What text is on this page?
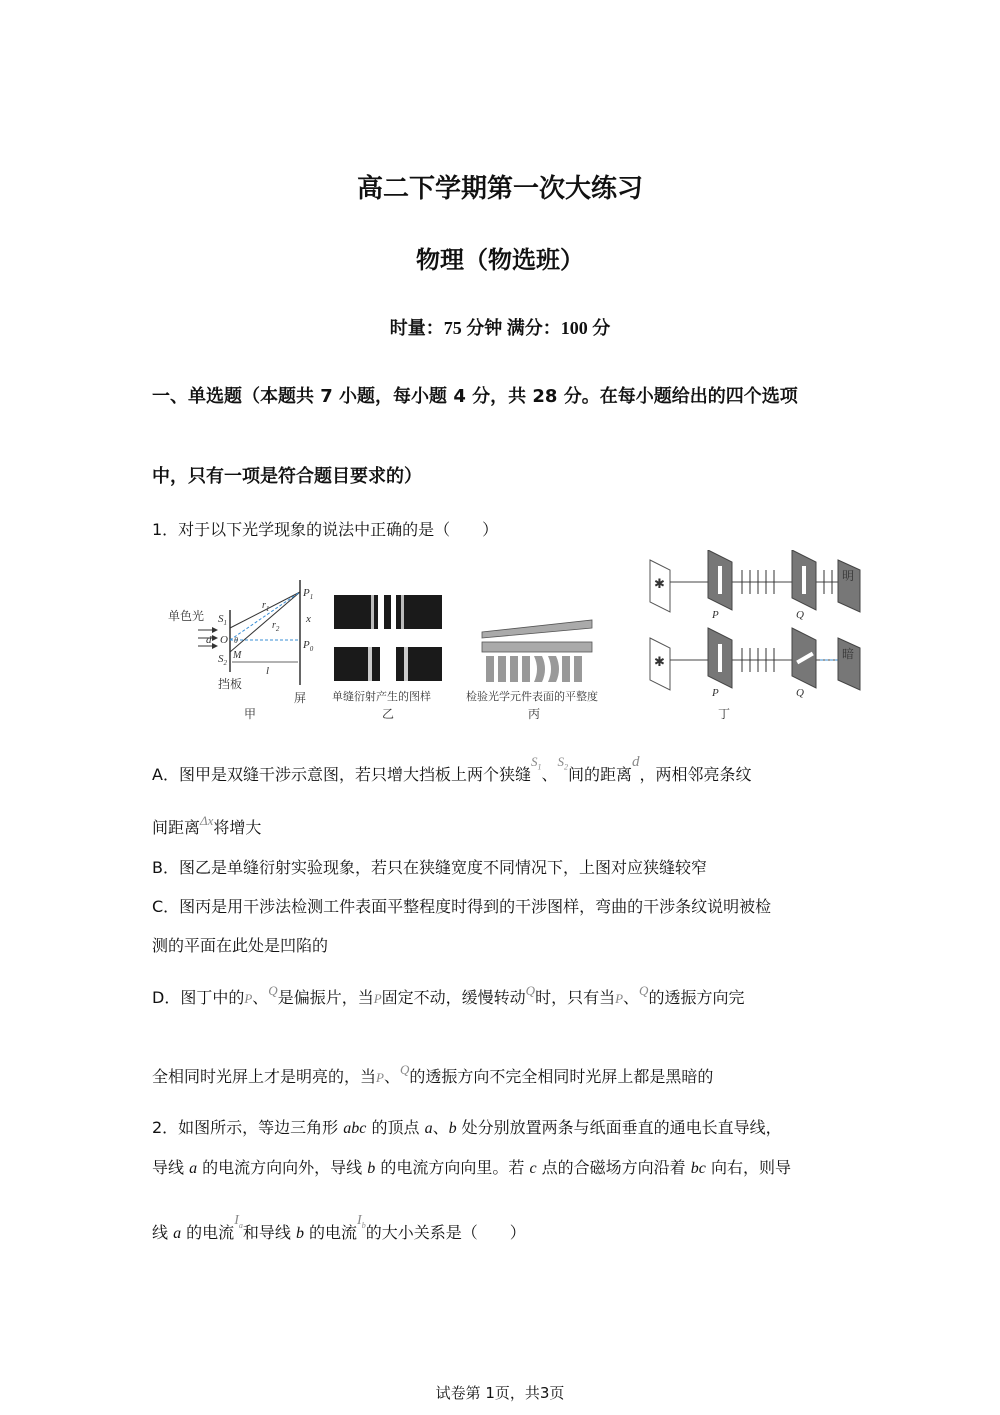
高二下学期第一次大练习
物理（物选班）
时量：75 分钟 满分：100 分
一、单选题（本题共 7 小题，每小题 4 分，共 28 分。在每小题给出的四个选项
中，只有一项是符合题目要求的）
1．对于以下光学现象的说法中正确的是（　　）
单色光 $S_1$
$S_2$
d O
M
θ
$r_1$
$r_2$
$P_1$
$P_0$
x
l
挡板
屏
甲
单缝衍射产生的图样
乙
检验光学元件表面的平整度
丙
✱
P	Q
明
✱
P	Q
暗
丁
A．图甲是双缝干涉示意图，若只增大挡板上两个狭缝$^{S_1}$、$^{S_2}$间的距离d，两相邻亮条纹
间距离$^{\Delta x}$将增大
B．图乙是单缝衍射实验现象，若只在狭缝宽度不同情况下，上图对应狭缝较窄
C．图丙是用干涉法检测工件表面平整程度时得到的干涉图样，弯曲的干涉条纹说明被检
测的平面在此处是凹陷的
D．图丁中的P、$^Q$是偏振片，当P固定不动，缓慢转动$^Q$时，只有当P、$^Q$的透振方向完
全相同时光屏上才是明亮的，当P、$^Q$的透振方向不完全相同时光屏上都是黑暗的
2．如图所示，等边三角形 abc 的顶点 a、b 处分别放置两条与纸面垂直的通电长直导线，
导线 a 的电流方向向外，导线 b 的电流方向向里。若 c 点的合磁场方向沿着 bc 向右，则导
线 a 的电流$I_a$和导线 b 的电流$I_b$的大小关系是（　　）
试卷第 1页，共3页
